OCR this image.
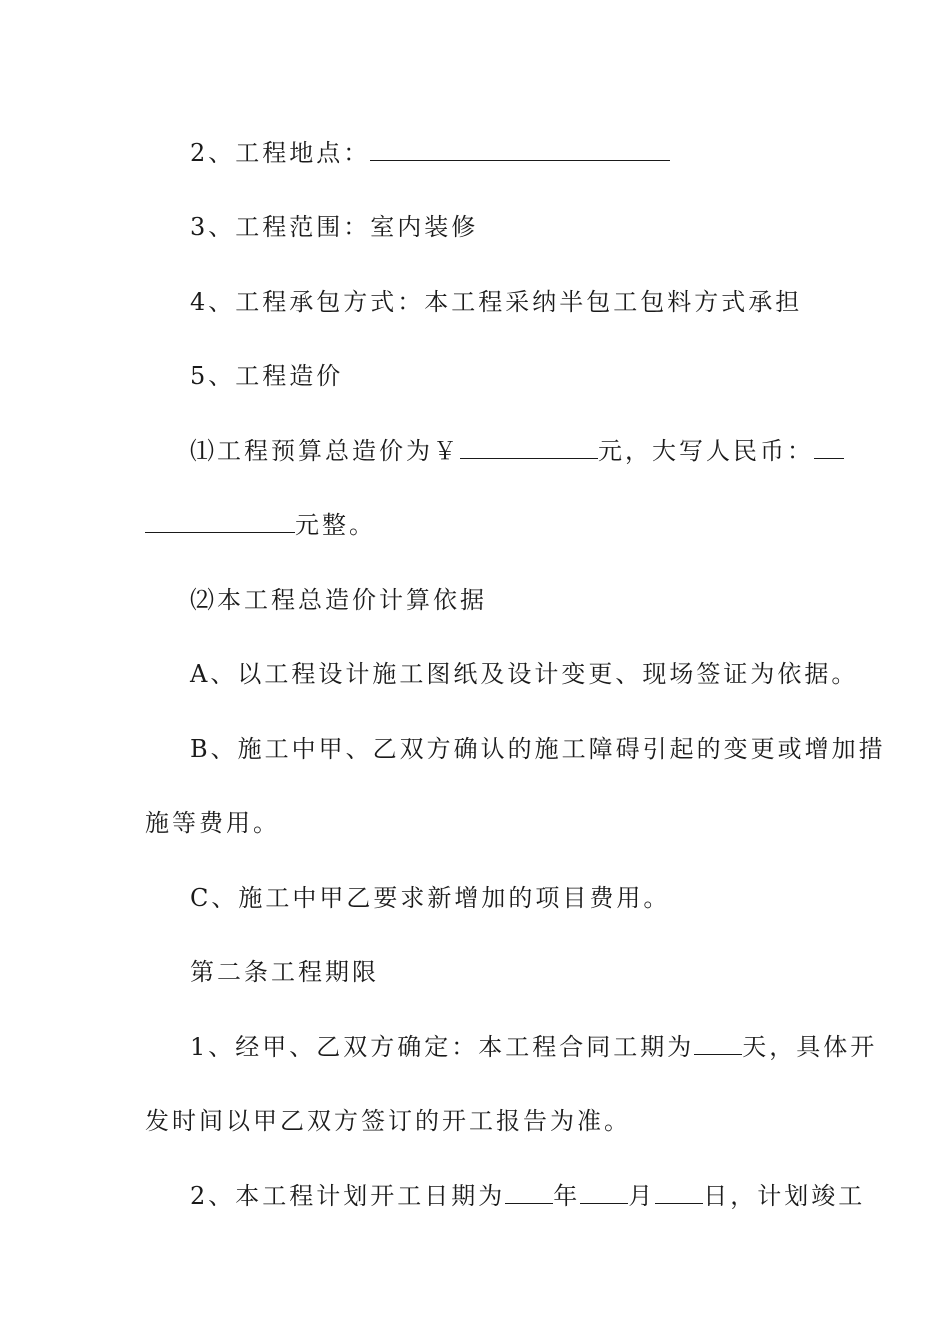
2、工程地点：
3、工程范围：室内装修
4、工程承包方式：本工程采纳半包工包料方式承担
5、工程造价
⑴工程预算总造价为￥	元，大写人民币：
元整。
⑵本工程总造价计算依据
A、以工程设计施工图纸及设计变更、现场签证为依据。
B、施工中甲、乙双方确认的施工障碍引起的变更或增加措
施等费用。
C、施工中甲乙要求新增加的项目费用。
第二条工程期限
1、经甲、乙双方确定：本工程合同工期为 天，具体开
发时间以甲乙双方签订的开工报告为准。
2、本工程计划开工日期为 年 月 日，计划竣工
